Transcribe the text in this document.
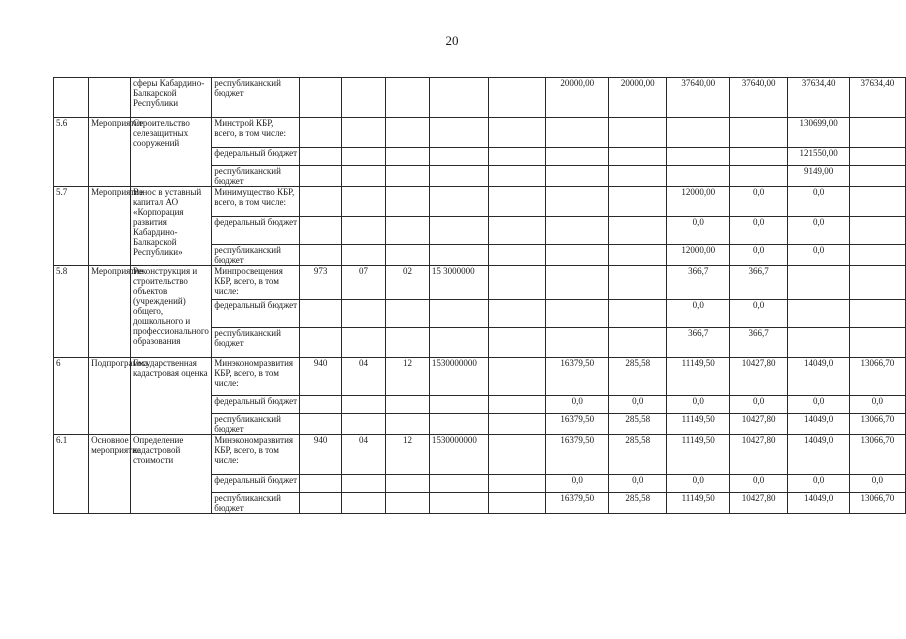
20
		сферы Кабардино-Балкарской Республики	республиканский бюджет						20000,00	20000,00	37640,00	37640,00	37634,40	37634,40
5.6	Мероприятие	Строительство селезащитных сооружений	Минстрой КБР, всего, в том числе:										130699,00	
			федеральный бюджет										121550,00	
			республиканский бюджет										9149,00	
5.7	Мероприятие	Взнос в уставный капитал АО «Корпорация развития Кабардино-Балкарской Республики»	Минимущество КБР, всего, в том числе:								12000,00	0,0	0,0	
			федеральный бюджет								0,0	0,0	0,0	
			республиканский бюджет								12000,00	0,0	0,0	
5.8	Мероприятие	Реконструкция и строительство объектов (учреждений) общего, дошкольного и профессионального образования	Минпросвещения КБР, всего, в том числе:	973	07	02	15 3000000				366,7	366,7		
			федеральный бюджет								0,0	0,0		
			республиканский бюджет								366,7	366,7		
6	Подпрограмма	Государственная кадастровая оценка	Минэкономразвития КБР, всего, в том числе:	940	04	12	1530000000		16379,50	285,58	11149,50	10427,80	14049,0	13066,70
			федеральный бюджет						0,0	0,0	0,0	0,0	0,0	0,0
			республиканский бюджет						16379,50	285,58	11149,50	10427,80	14049,0	13066,70
6.1	Основное мероприятие	Определение кадастровой стоимости	Минэкономразвития КБР, всего, в том числе:	940	04	12	1530000000		16379,50	285,58	11149,50	10427,80	14049,0	13066,70
			федеральный бюджет						0,0	0,0	0,0	0,0	0,0	0,0
			республиканский бюджет						16379,50	285,58	11149,50	10427,80	14049,0	13066,70
